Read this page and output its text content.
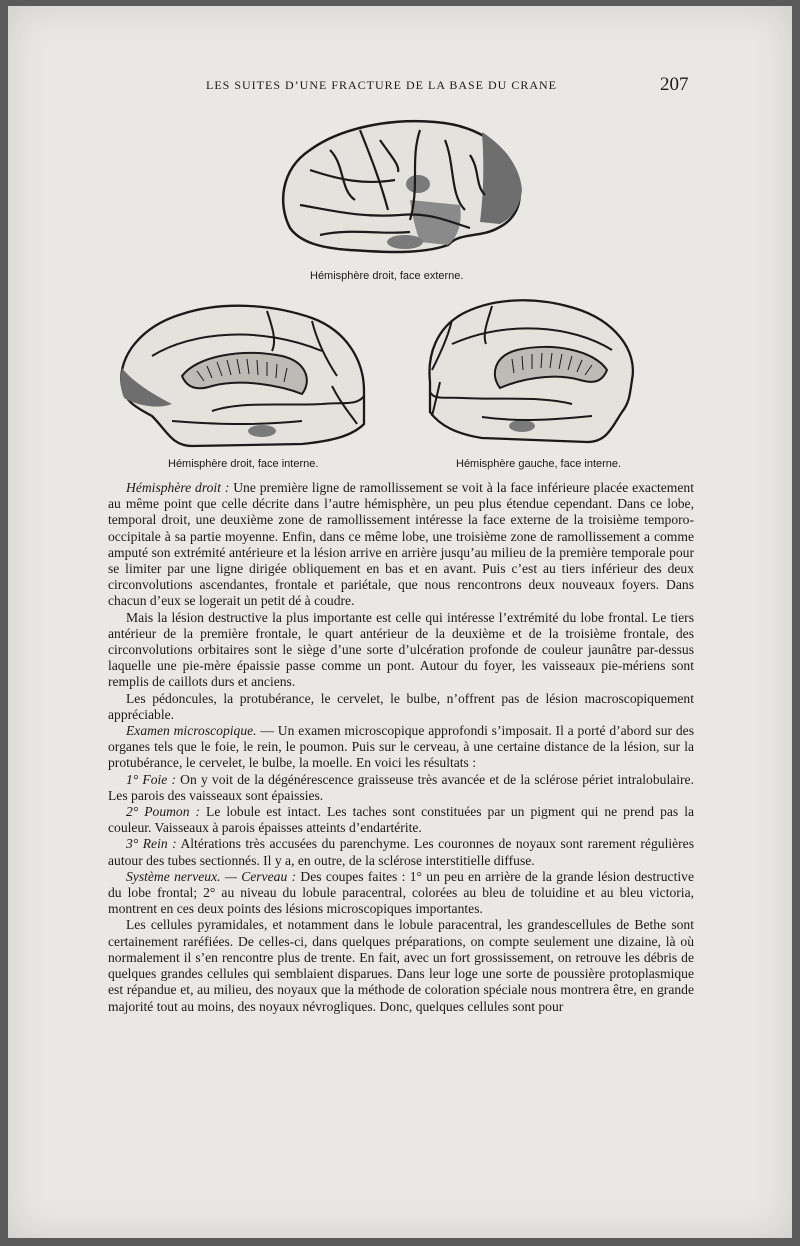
LES SUITES D’UNE FRACTURE DE LA BASE DU CRANE	207
Hémisphère droit, face externe.
Hémisphère droit, face interne.	Hémisphère gauche, face interne.

Hémisphère droit : Une première ligne de ramollissement se voit à la face inférieure placée exactement au même point que celle décrite dans l’autre hémisphère, un peu plus étendue cependant. Dans ce lobe, temporal droit, une deuxième zone de ramollissement intéresse la face externe de la troisième temporo-occipitale à sa partie moyenne. Enfin, dans ce même lobe, une troisième zone de ramollissement a comme amputé son extrémité antérieure et la lésion arrive en arrière jusqu’au milieu de la première temporale pour se limiter par une ligne dirigée obliquement en bas et en avant. Puis c’est au tiers inférieur des deux circonvolutions ascendantes, frontale et pariétale, que nous rencontrons deux nouveaux foyers. Dans chacun d’eux se logerait un petit dé à coudre.

Mais la lésion destructive la plus importante est celle qui intéresse l’extrémité du lobe frontal. Le tiers antérieur de la première frontale, le quart antérieur de la deuxième et de la troisième frontale, des circonvolutions orbitaires sont le siège d’une sorte d’ulcération profonde de couleur jaunâtre par-dessus laquelle une pie-mère épaissie passe comme un pont. Autour du foyer, les vaisseaux pie-mériens sont remplis de caillots durs et anciens.

Les pédoncules, la protubérance, le cervelet, le bulbe, n’offrent pas de lésion macroscopiquement appréciable.

Examen microscopique. — Un examen microscopique approfondi s’imposait. Il a porté d’abord sur des organes tels que le foie, le rein, le poumon. Puis sur le cerveau, à une certaine distance de la lésion, sur la protubérance, le cervelet, le bulbe, la moelle. En voici les résultats :

1° Foie : On y voit de la dégénérescence graisseuse très avancée et de la sclérose périet intralobulaire. Les parois des vaisseaux sont épaissies.

2° Poumon : Le lobule est intact. Les taches sont constituées par un pigment qui ne prend pas la couleur. Vaisseaux à parois épaisses atteints d’endartérite.

3° Rein : Altérations très accusées du parenchyme. Les couronnes de noyaux sont rarement régulières autour des tubes sectionnés. Il y a, en outre, de la sclérose interstitielle diffuse.

Système nerveux. — Cerveau : Des coupes faites : 1° un peu en arrière de la grande lésion destructive du lobe frontal; 2° au niveau du lobule paracentral, colorées au bleu de toluidine et au bleu victoria, montrent en ces deux points des lésions microscopiques importantes.

Les cellules pyramidales, et notamment dans le lobule paracentral, les grandescellules de Bethe sont certainement raréfiées. De celles-ci, dans quelques préparations, on compte seulement une dizaine, là où normalement il s’en rencontre plus de trente. En fait, avec un fort grossissement, on retrouve les débris de quelques grandes cellules qui semblaient disparues. Dans leur loge une sorte de poussière protoplasmique est répandue et, au milieu, des noyaux que la méthode de coloration spéciale nous montrera être, en grande majorité tout au moins, des noyaux névrogliques. Donc, quelques cellules sont pour
